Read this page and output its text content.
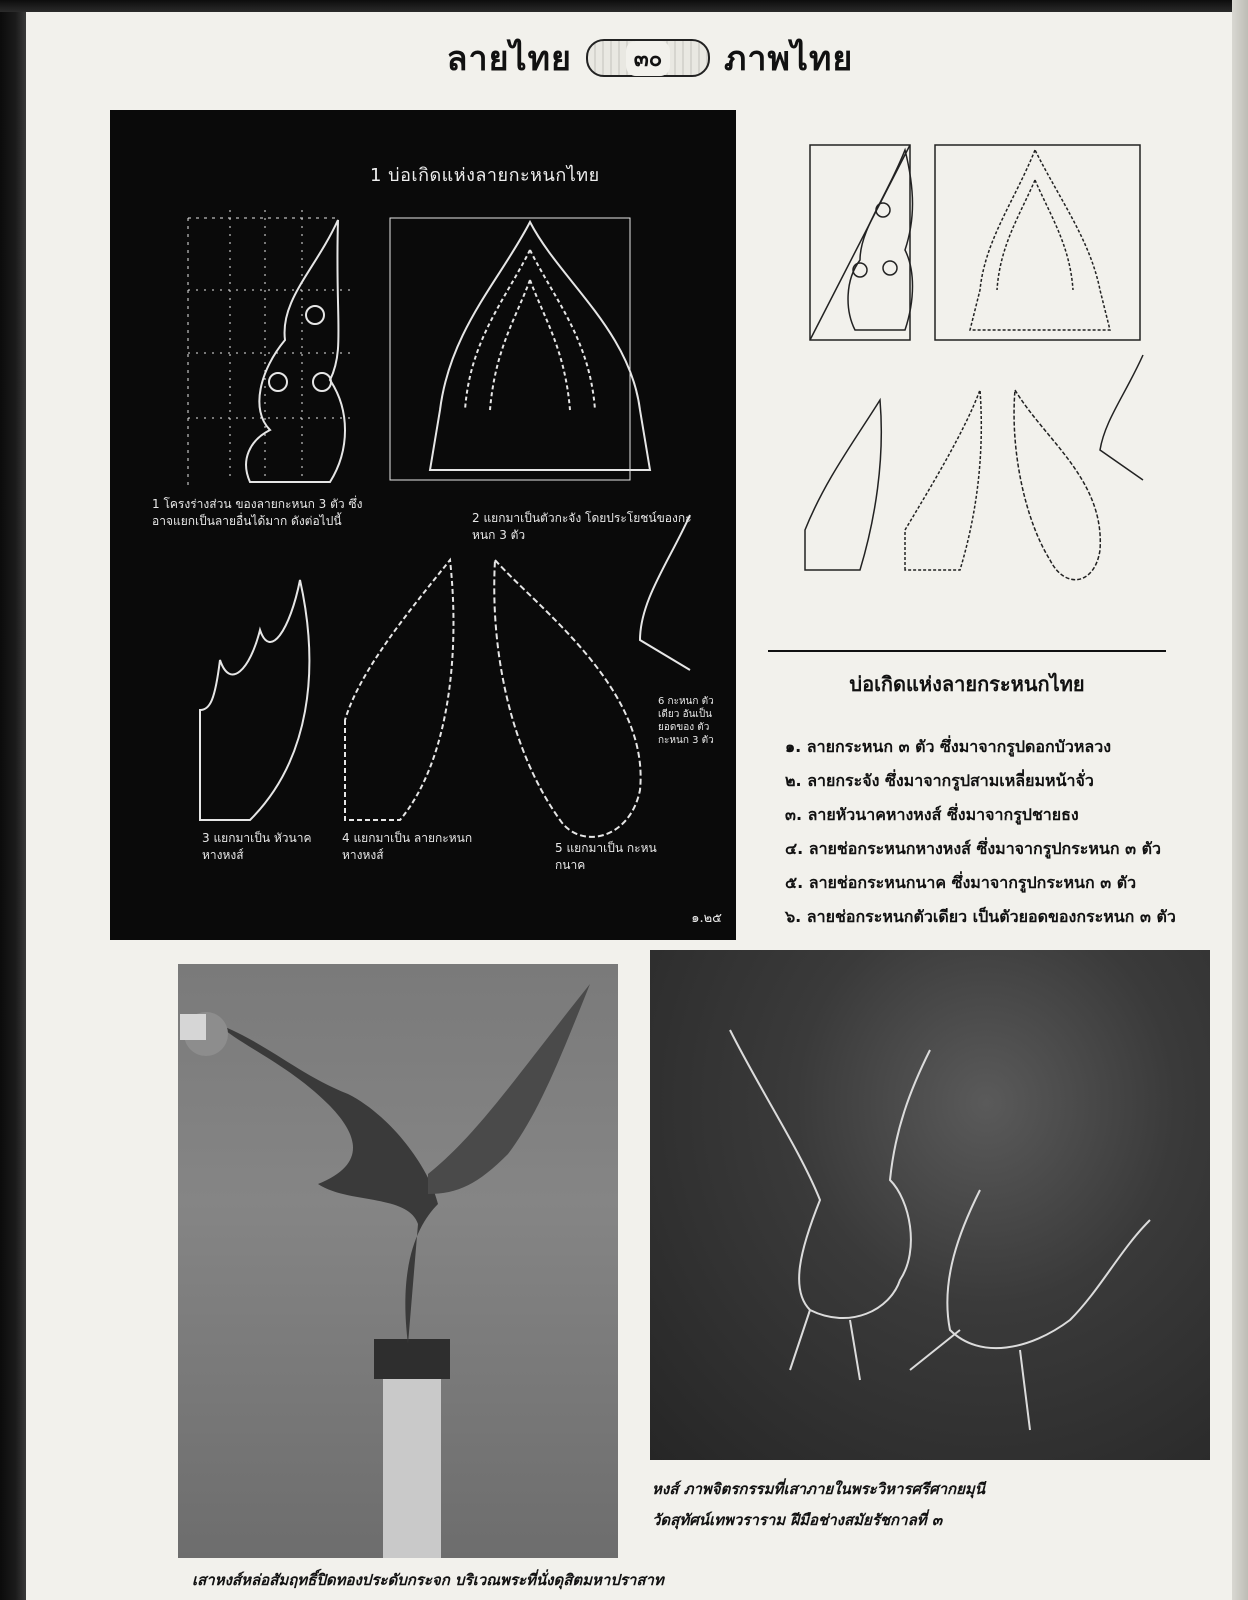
ลายไทย	๓๐ ภาพไทย
1 บ่อเกิดแห่งลายกะหนกไทย
1 โครงร่างส่วน ของลายกะหนก 3 ตัว ซึ่งอาจแยกเป็นลายอื่นได้มาก ดังต่อไปนี้	2 แยกมาเป็นตัวกะจัง โดยประโยชน์ของกะหนก 3 ตัว
3 แยกมาเป็น หัวนาคหางหงส์
4 แยกมาเป็น ลายกะหนกหางหงส์	5 แยกมาเป็น กะหนกนาค
6 กะหนก ตัวเดียว อันเป็น ยอดของ ตัว กะหนก 3 ตัว
๑.๒๕
บ่อเกิดแห่งลายกระหนกไทย
๑. ลายกระหนก ๓ ตัว ซึ่งมาจากรูปดอกบัวหลวง
๒. ลายกระจัง ซึ่งมาจากรูปสามเหลี่ยมหน้าจั่ว
๓. ลายหัวนาคหางหงส์ ซึ่งมาจากรูปชายธง
๔. ลายช่อกระหนกหางหงส์ ซึ่งมาจากรูปกระหนก ๓ ตัว
๕. ลายช่อกระหนกนาค ซึ่งมาจากรูปกระหนก ๓ ตัว
๖. ลายช่อกระหนกตัวเดียว เป็นตัวยอดของกระหนก ๓ ตัว
หงส์ ภาพจิตรกรรมที่เสาภายในพระวิหารศรีศากยมุนี
วัดสุทัศน์เทพวราราม ฝีมือช่างสมัยรัชกาลที่ ๓
เสาหงส์หล่อสัมฤทธิ์ปิดทองประดับกระจก บริเวณพระที่นั่งดุสิตมหาปราสาท
